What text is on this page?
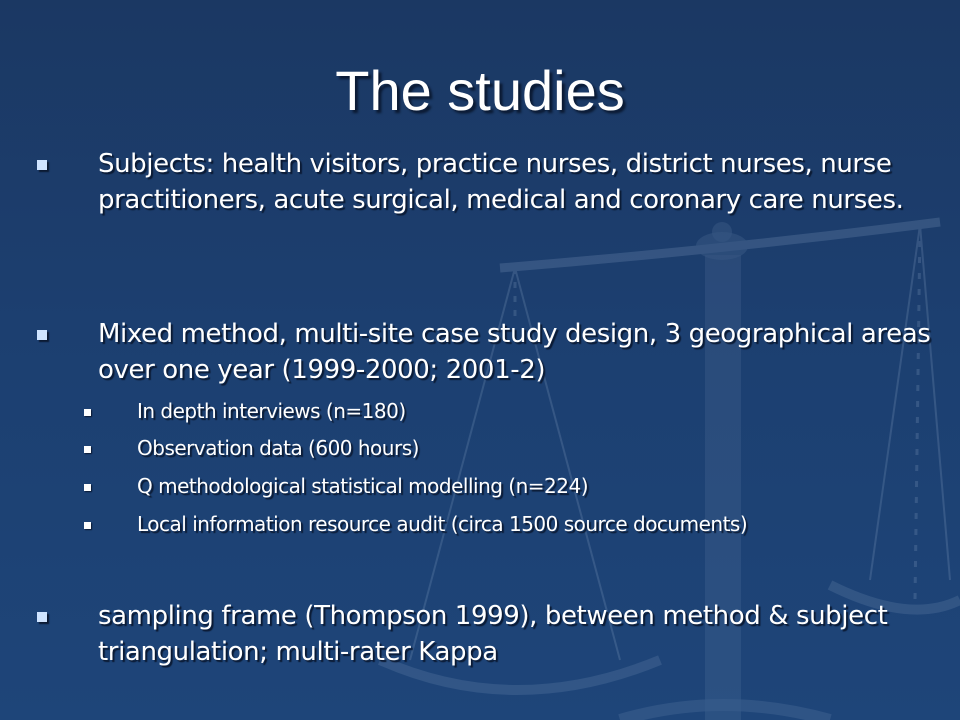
The studies
Subjects: health visitors, practice nurses, district nurses, nurse practitioners, acute surgical, medical and coronary care nurses.
Mixed method, multi-site case study design, 3 geographical areas over one year (1999-2000; 2001-2)
In depth interviews (n=180)
Observation data (600 hours)
Q methodological statistical modelling (n=224)
Local information resource audit (circa 1500 source documents)
sampling frame (Thompson 1999), between method & subject triangulation; multi-rater Kappa
